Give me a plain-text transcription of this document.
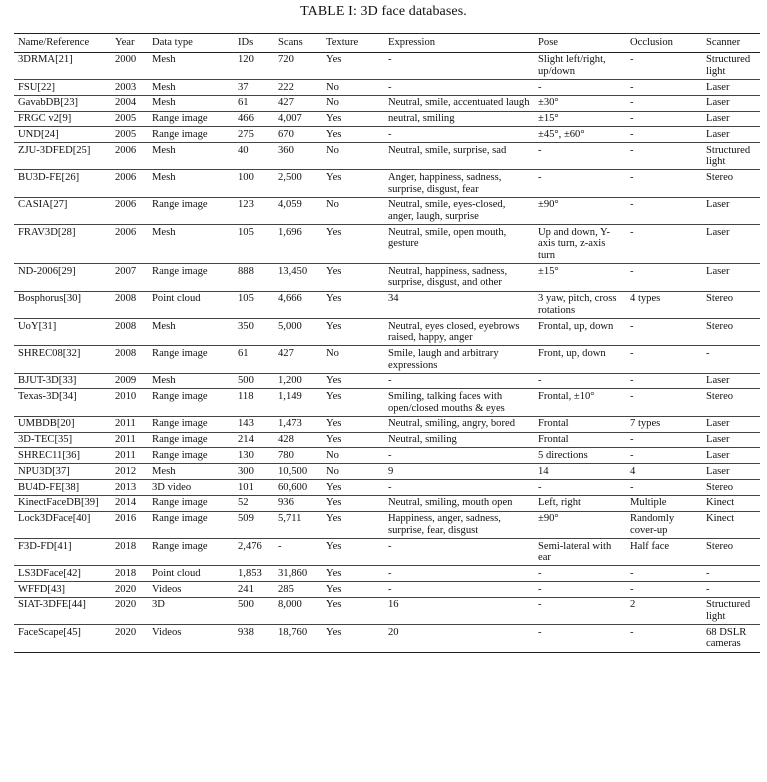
TABLE I: 3D face databases.
Name/Reference	Year	Data type	IDs	Scans	Texture	Expression	Pose	Occlusion	Scanner
3DRMA[21]	2000	Mesh	120	720	Yes	-	Slight left/right, up/down	-	Structured light
FSU[22]	2003	Mesh	37	222	No	-	-	-	Laser
GavabDB[23]	2004	Mesh	61	427	No	Neutral, smile, accentuated laugh	±30°	-	Laser
FRGC v2[9]	2005	Range image	466	4,007	Yes	neutral, smiling	±15°	-	Laser
UND[24]	2005	Range image	275	670	Yes	-	±45°, ±60°	-	Laser
ZJU-3DFED[25]	2006	Mesh	40	360	No	Neutral, smile, surprise, sad	-	-	Structured light
BU3D-FE[26]	2006	Mesh	100	2,500	Yes	Anger, happiness, sadness, surprise, disgust, fear	-	-	Stereo
CASIA[27]	2006	Range image	123	4,059	No	Neutral, smile, eyes-closed, anger, laugh, surprise	±90°	-	Laser
FRAV3D[28]	2006	Mesh	105	1,696	Yes	Neutral, smile, open mouth, gesture	Up and down, Y-axis turn, z-axis turn	-	Laser
ND-2006[29]	2007	Range image	888	13,450	Yes	Neutral, happiness, sadness, surprise, disgust, and other	±15°	-	Laser
Bosphorus[30]	2008	Point cloud	105	4,666	Yes	34	3 yaw, pitch, cross rotations	4 types	Stereo
UoY[31]	2008	Mesh	350	5,000	Yes	Neutral, eyes closed, eyebrows raised, happy, anger	Frontal, up, down	-	Stereo
SHREC08[32]	2008	Range image	61	427	No	Smile, laugh and arbitrary expressions	Front, up, down	-	-
BJUT-3D[33]	2009	Mesh	500	1,200	Yes	-	-	-	Laser
Texas-3D[34]	2010	Range image	118	1,149	Yes	Smiling, talking faces with open/closed mouths & eyes	Frontal, ±10°	-	Stereo
UMBDB[20]	2011	Range image	143	1,473	Yes	Neutral, smiling, angry, bored	Frontal	7 types	Laser
3D-TEC[35]	2011	Range image	214	428	Yes	Neutral, smiling	Frontal	-	Laser
SHREC11[36]	2011	Range image	130	780	No	-	5 directions	-	Laser
NPU3D[37]	2012	Mesh	300	10,500	No	9	14	4	Laser
BU4D-FE[38]	2013	3D video	101	60,600	Yes	-	-	-	Stereo
KinectFaceDB[39]	2014	Range image	52	936	Yes	Neutral, smiling, mouth open	Left, right	Multiple	Kinect
Lock3DFace[40]	2016	Range image	509	5,711	Yes	Happiness, anger, sadness, surprise, fear, disgust	±90°	Randomly cover-up	Kinect
F3D-FD[41]	2018	Range image	2,476	-	Yes	-	Semi-lateral with ear	Half face	Stereo
LS3DFace[42]	2018	Point cloud	1,853	31,860	Yes	-	-	-	-
WFFD[43]	2020	Videos	241	285	Yes	-	-	-	-
SIAT-3DFE[44]	2020	3D	500	8,000	Yes	16	-	2	Structured light
FaceScape[45]	2020	Videos	938	18,760	Yes	20	-	-	68 DSLR cameras
